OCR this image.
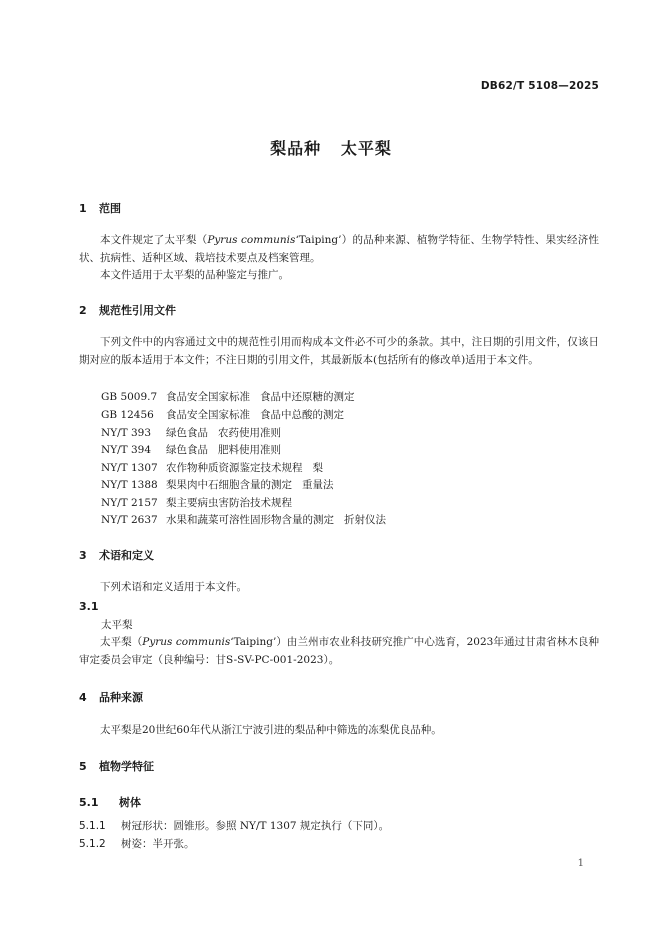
DB62/T 5108—2025
梨品种   太平梨
1 范围
本文件规定了太平梨（Pyrus communis‘Taiping’）的品种来源、植物学特征、生物学特性、果实经济性状、抗病性、适种区域、栽培技术要点及档案管理。
本文件适用于太平梨的品种鉴定与推广。
2 规范性引用文件
下列文件中的内容通过文中的规范性引用而构成本文件必不可少的条款。其中，注日期的引用文件，仅该日期对应的版本适用于本文件；不注日期的引用文件，其最新版本(包括所有的修改单)适用于本文件。
GB 5009.7 食品安全国家标准   食品中还原糖的测定
GB 12456 食品安全国家标准   食品中总酸的测定
NY/T 393 绿色食品   农药使用准则
NY/T 394 绿色食品   肥料使用准则
NY/T 1307 农作物种质资源鉴定技术规程   梨
NY/T 1388 梨果肉中石细胞含量的测定   重量法
NY/T 2157 梨主要病虫害防治技术规程
NY/T 2637 水果和蔬菜可溶性固形物含量的测定   折射仪法
3 术语和定义
下列术语和定义适用于本文件。
3.1
太平梨
太平梨（Pyrus communis‘Taiping’）由兰州市农业科技研究推广中心选育，2023年通过甘肃省林木良种审定委员会审定（良种编号：甘S-SV-PC-001-2023）。
4 品种来源
太平梨是20世纪60年代从浙江宁波引进的梨品种中筛选的冻梨优良品种。
5 植物学特征
5.1 树体
5.1.1 树冠形状：圆锥形。参照 NY/T 1307 规定执行（下同）。
5.1.2 树姿：半开张。
1
